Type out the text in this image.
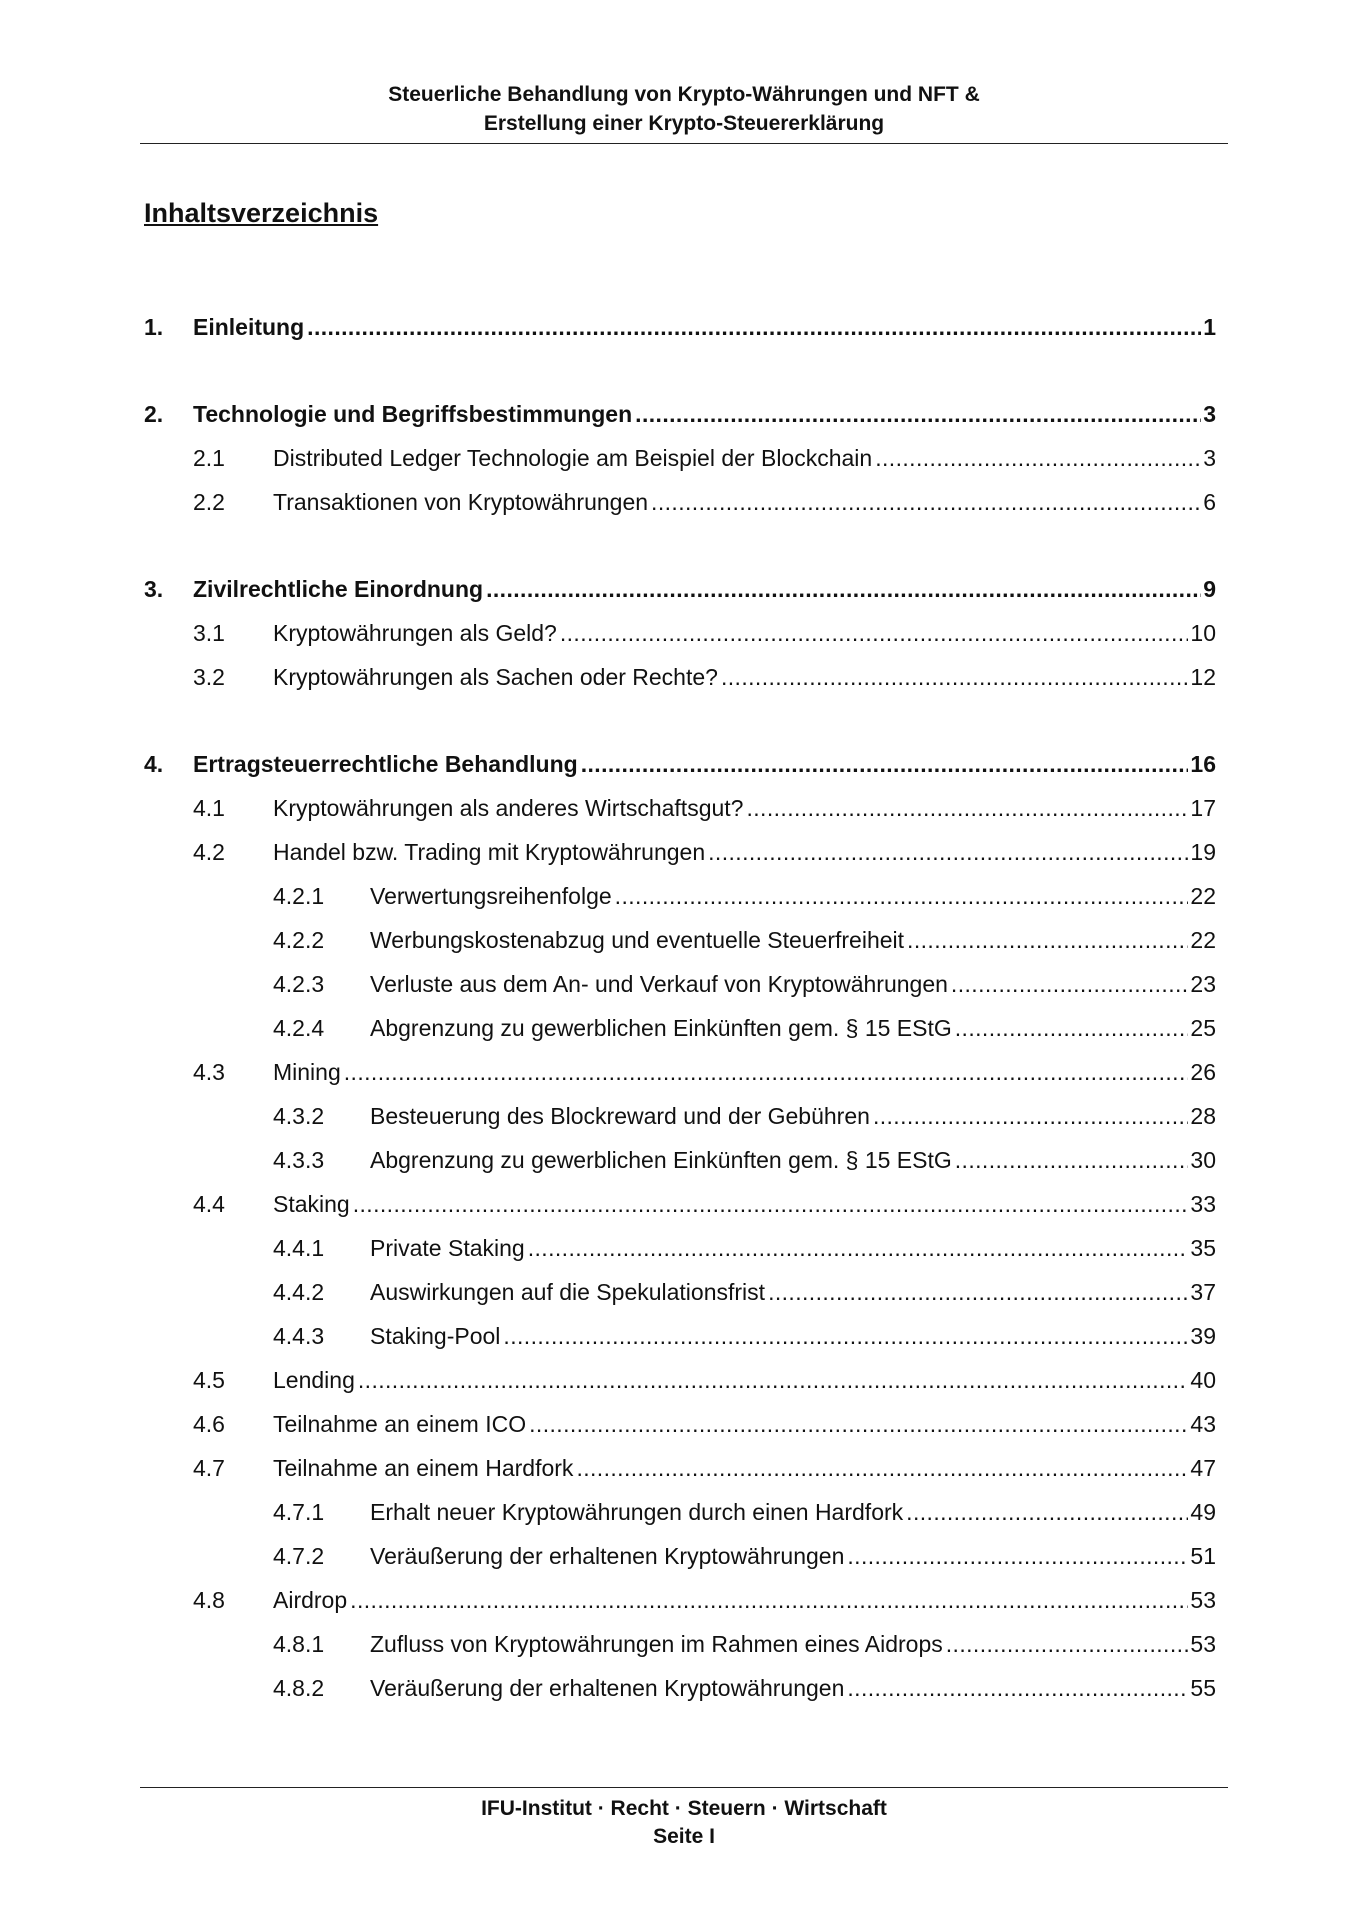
Steuerliche Behandlung von Krypto-Währungen und NFT &
Erstellung einer Krypto-Steuererklärung
Inhaltsverzeichnis
1. Einleitung .....	1
2. Technologie und Begriffsbestimmungen .....	3
2.1 Distributed Ledger Technologie am Beispiel der Blockchain .....	3
2.2 Transaktionen von Kryptowährungen .....	6
3. Zivilrechtliche Einordnung .....	9
3.1 Kryptowährungen als Geld? .....	10
3.2 Kryptowährungen als Sachen oder Rechte? .....	12
4. Ertragsteuerrechtliche Behandlung .....	16
4.1 Kryptowährungen als anderes Wirtschaftsgut? .....	17
4.2 Handel bzw. Trading mit Kryptowährungen .....	19
4.2.1 Verwertungsreihenfolge .....	22
4.2.2 Werbungskostenabzug und eventuelle Steuerfreiheit .....	22
4.2.3 Verluste aus dem An- und Verkauf von Kryptowährungen .....	23
4.2.4 Abgrenzung zu gewerblichen Einkünften gem. § 15 EStG .....	25
4.3 Mining .....	26
4.3.2 Besteuerung des Blockreward und der Gebühren .....	28
4.3.3 Abgrenzung zu gewerblichen Einkünften gem. § 15 EStG .....	30
4.4 Staking .....	33
4.4.1 Private Staking .....	35
4.4.2 Auswirkungen auf die Spekulationsfrist .....	37
4.4.3 Staking-Pool .....	39
4.5 Lending .....	40
4.6 Teilnahme an einem ICO .....	43
4.7 Teilnahme an einem Hardfork .....	47
4.7.1 Erhalt neuer Kryptowährungen durch einen Hardfork .....	49
4.7.2 Veräußerung der erhaltenen Kryptowährungen .....	51
4.8 Airdrop .....	53
4.8.1 Zufluss von Kryptowährungen im Rahmen eines Aidrops .....	53
4.8.2 Veräußerung der erhaltenen Kryptowährungen .....	55
IFU-Institut · Recht · Steuern · Wirtschaft
Seite I
